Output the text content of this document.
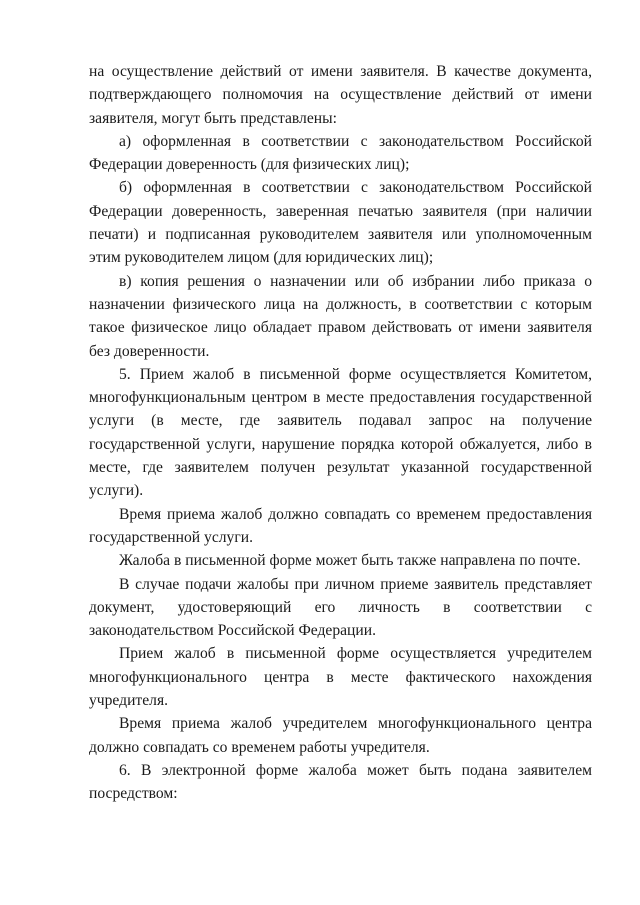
на осуществление действий от имени заявителя. В качестве документа, подтверждающего полномочия на осуществление действий от имени заявителя, могут быть представлены:

а) оформленная в соответствии с законодательством Российской Федерации доверенность (для физических лиц);

б) оформленная в соответствии с законодательством Российской Федерации доверенность, заверенная печатью заявителя (при наличии печати) и подписанная руководителем заявителя или уполномоченным этим руководителем лицом (для юридических лиц);

в) копия решения о назначении или об избрании либо приказа о назначении физического лица на должность, в соответствии с которым такое физическое лицо обладает правом действовать от имени заявителя без доверенности.

5. Прием жалоб в письменной форме осуществляется Комитетом, многофункциональным центром в месте предоставления государственной услуги (в месте, где заявитель подавал запрос на получение государственной услуги, нарушение порядка которой обжалуется, либо в месте, где заявителем получен результат указанной государственной услуги).

Время приема жалоб должно совпадать со временем предоставления государственной услуги.

Жалоба в письменной форме может быть также направлена по почте.

В случае подачи жалобы при личном приеме заявитель представляет документ, удостоверяющий его личность в соответствии с законодательством Российской Федерации.

Прием жалоб в письменной форме осуществляется учредителем многофункционального центра в месте фактического нахождения учредителя.

Время приема жалоб учредителем многофункционального центра должно совпадать со временем работы учредителя.

6. В электронной форме жалоба может быть подана заявителем посредством:
